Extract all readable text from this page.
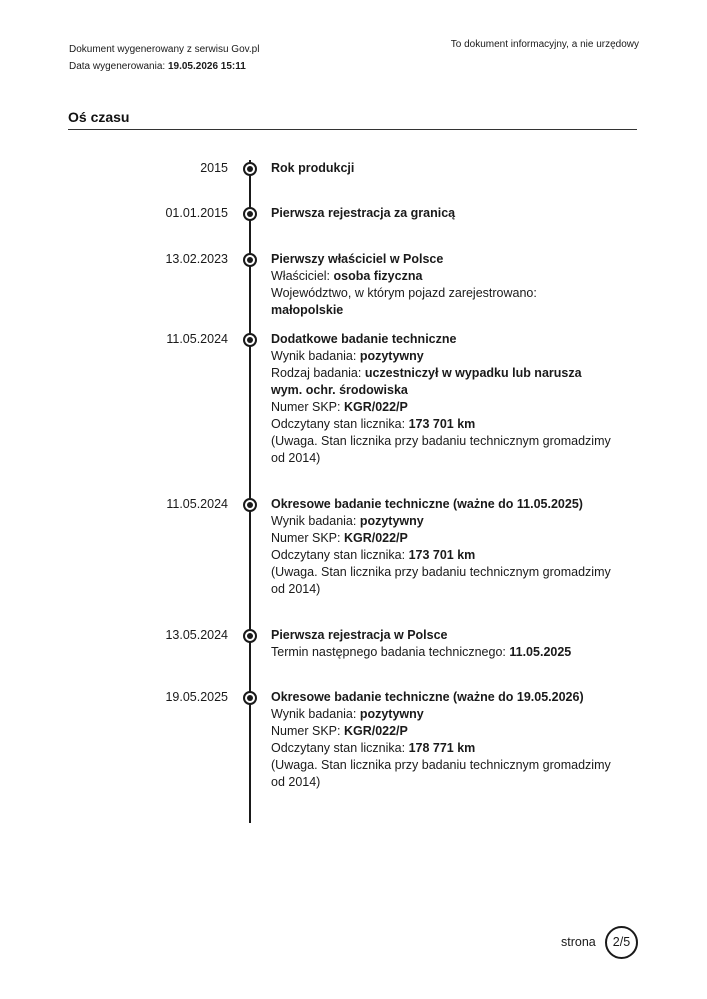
Dokument wygenerowany z serwisu Gov.pl
Data wygenerowania: 19.05.2026 15:11
To dokument informacyjny, a nie urzędowy
Oś czasu
2015	Rok produkcji
01.01.2015	Pierwsza rejestracja za granicą
13.02.2023	Pierwszy właściciel w Polsce
Właściciel: osoba fizyczna
Województwo, w którym pojazd zarejestrowano: małopolskie
11.05.2024	Dodatkowe badanie techniczne
Wynik badania: pozytywny
Rodzaj badania: uczestniczył w wypadku lub narusza wym. ochr. środowiska
Numer SKP: KGR/022/P
Odczytany stan licznika: 173 701 km
(Uwaga. Stan licznika przy badaniu technicznym gromadzimy od 2014)
11.05.2024	Okresowe badanie techniczne (ważne do 11.05.2025)
Wynik badania: pozytywny
Numer SKP: KGR/022/P
Odczytany stan licznika: 173 701 km
(Uwaga. Stan licznika przy badaniu technicznym gromadzimy od 2014)
13.05.2024	Pierwsza rejestracja w Polsce
Termin następnego badania technicznego: 11.05.2025
19.05.2025	Okresowe badanie techniczne (ważne do 19.05.2026)
Wynik badania: pozytywny
Numer SKP: KGR/022/P
Odczytany stan licznika: 178 771 km
(Uwaga. Stan licznika przy badaniu technicznym gromadzimy od 2014)
strona	2/5
